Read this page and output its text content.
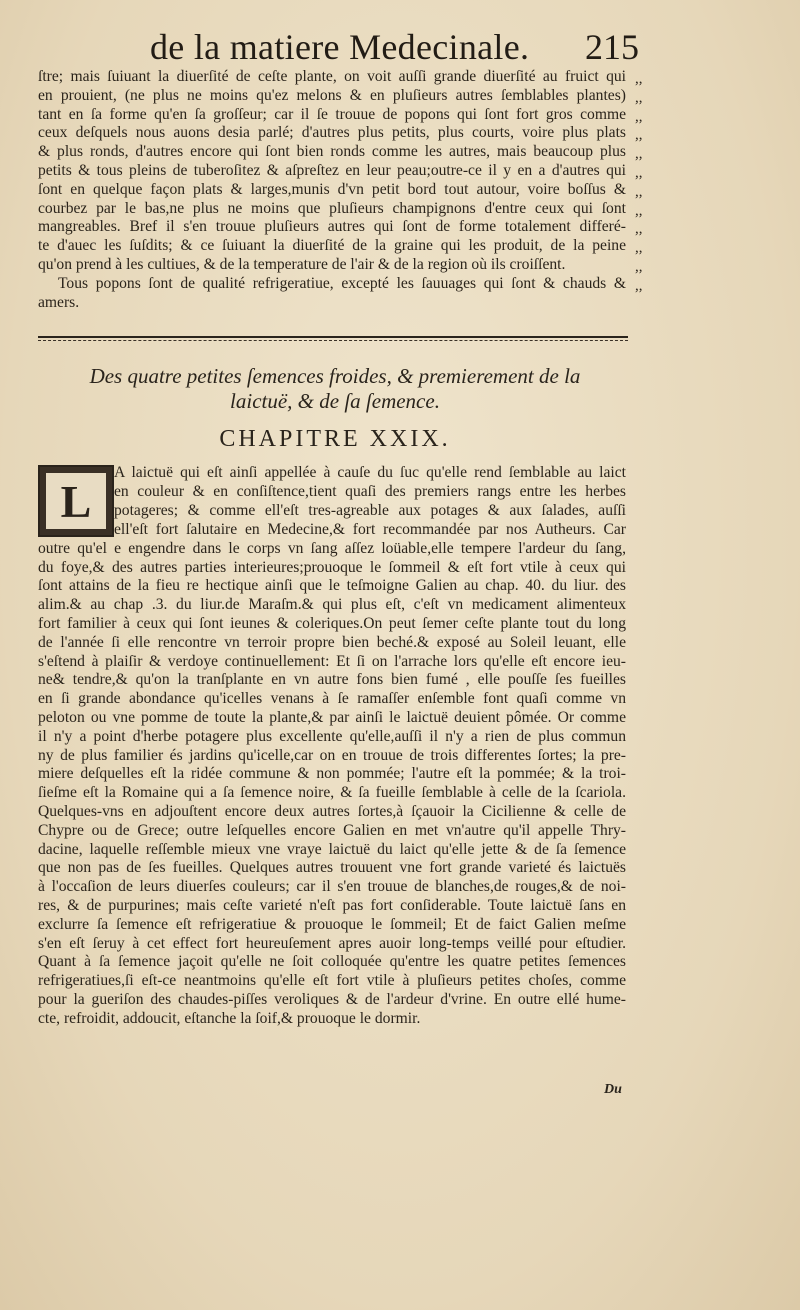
de la matiere Medecinale. 215
ſtre; mais ſuiuant la diuerſité de ceſte plante, on voit auſſi grande diuerſité au fruict qui
en prouient, (ne plus ne moins qu'ez melons & en pluſieurs autres ſemblables plantes)
tant en ſa forme qu'en ſa groſſeur; car il ſe trouue de popons qui ſont fort gros comme
ceux deſquels nous auons desia parlé; d'autres plus petits, plus courts, voire plus plats
& plus ronds, d'autres encore qui ſont bien ronds comme les autres, mais beaucoup plus
petits & tous pleins de tuberoſitez & aſpreſtez en leur peau;outre-ce il y en a d'autres qui
ſont en quelque façon plats & larges,munis d'vn petit bord tout autour, voire boſſus &
courbez par le bas,ne plus ne moins que pluſieurs champignons d'entre ceux qui ſont
mangreables. Bref il s'en trouue pluſieurs autres qui ſont de forme totalement differé-
te d'auec les ſuſdits; & ce ſuiuant la diuerſité de la graine qui les produit, de la peine
qu'on prend à les cultiues, & de la temperature de l'air & de la region où ils croiſſent.
Tous popons ſont de qualité refrigeratiue, excepté les ſauuages qui ſont & chauds &
amers.
,,
,,
,,
,,
,,
,,
,,
,,
,,
,,
,,
,,
Des quatre petites ſemences froides, & premierement de la
laictuë, & de ſa ſemence.
CHAPITRE XXIX.
L
A laictuë qui eſt ainſi appellée à cauſe du ſuc qu'elle rend ſemblable au laict
en couleur & en conſiſtence,tient quaſi des premiers rangs entre les herbes
potageres; & comme ell'eſt tres-agreable aux potages & aux ſalades, auſſi
ell'eſt fort ſalutaire en Medecine,& fort recommandée par nos Autheurs. Car
outre qu'el e engendre dans le corps vn ſang aſſez loüable,elle tempere l'ardeur du ſang,
du foye,& des autres parties interieures;prouoque le ſommeil & eſt fort vtile à ceux qui
ſont attains de la fieu re hectique ainſi que le teſmoigne Galien au chap. 40. du liur. des
alim.& au chap .3. du liur.de Maraſm.& qui plus eſt, c'eſt vn medicament alimenteux
fort familier à ceux qui ſont ieunes & coleriques.On peut ſemer ceſte plante tout du long
de l'année ſi elle rencontre vn terroir propre bien beché.& exposé au Soleil leuant, elle
s'eſtend à plaiſir & verdoye continuellement: Et ſi on l'arrache lors qu'elle eſt encore ieu-
ne& tendre,& qu'on la tranſplante en vn autre fons bien fumé , elle pouſſe ſes fueilles
en ſi grande abondance qu'icelles venans à ſe ramaſſer enſemble font quaſi comme vn
peloton ou vne pomme de toute la plante,& par ainſi le laictuë deuient pômée. Or comme
il n'y a point d'herbe potagere plus excellente qu'elle,auſſi il n'y a rien de plus commun
ny de plus familier és jardins qu'icelle,car on en trouue de trois differentes ſortes; la pre-
miere deſquelles eſt la ridée commune & non pommée; l'autre eſt la pommée; & la troi-
ſieſme eſt la Romaine qui a ſa ſemence noire, & ſa fueille ſemblable à celle de la ſcariola.
Quelques-vns en adjouſtent encore deux autres ſortes,à ſçauoir la Cicilienne & celle de
Chypre ou de Grece; outre leſquelles encore Galien en met vn'autre qu'il appelle Thry-
dacine, laquelle reſſemble mieux vne vraye laictuë du laict qu'elle jette & de ſa ſemence
que non pas de ſes fueilles. Quelques autres trouuent vne fort grande varieté és laictuës
à l'occaſion de leurs diuerſes couleurs; car il s'en trouue de blanches,de rouges,& de noi-
res, & de purpurines; mais ceſte varieté n'eſt pas fort conſiderable. Toute laictuë ſans en
exclurre ſa ſemence eſt refrigeratiue & prouoque le ſommeil; Et de faict Galien meſme
s'en eſt ſeruy à cet effect fort heureuſement apres auoir long-temps veillé pour eſtudier.
Quant à ſa ſemence jaçoit qu'elle ne ſoit colloquée qu'entre les quatre petites ſemences
refrigeratiues,ſi eſt-ce neantmoins qu'elle eſt fort vtile à pluſieurs petites choſes, comme
pour la gueriſon des chaudes-piſſes veroliques & de l'ardeur d'vrine. En outre ellé hume-
cte, refroidit, addoucit, eſtanche la ſoif,& prouoque le dormir.
Du
